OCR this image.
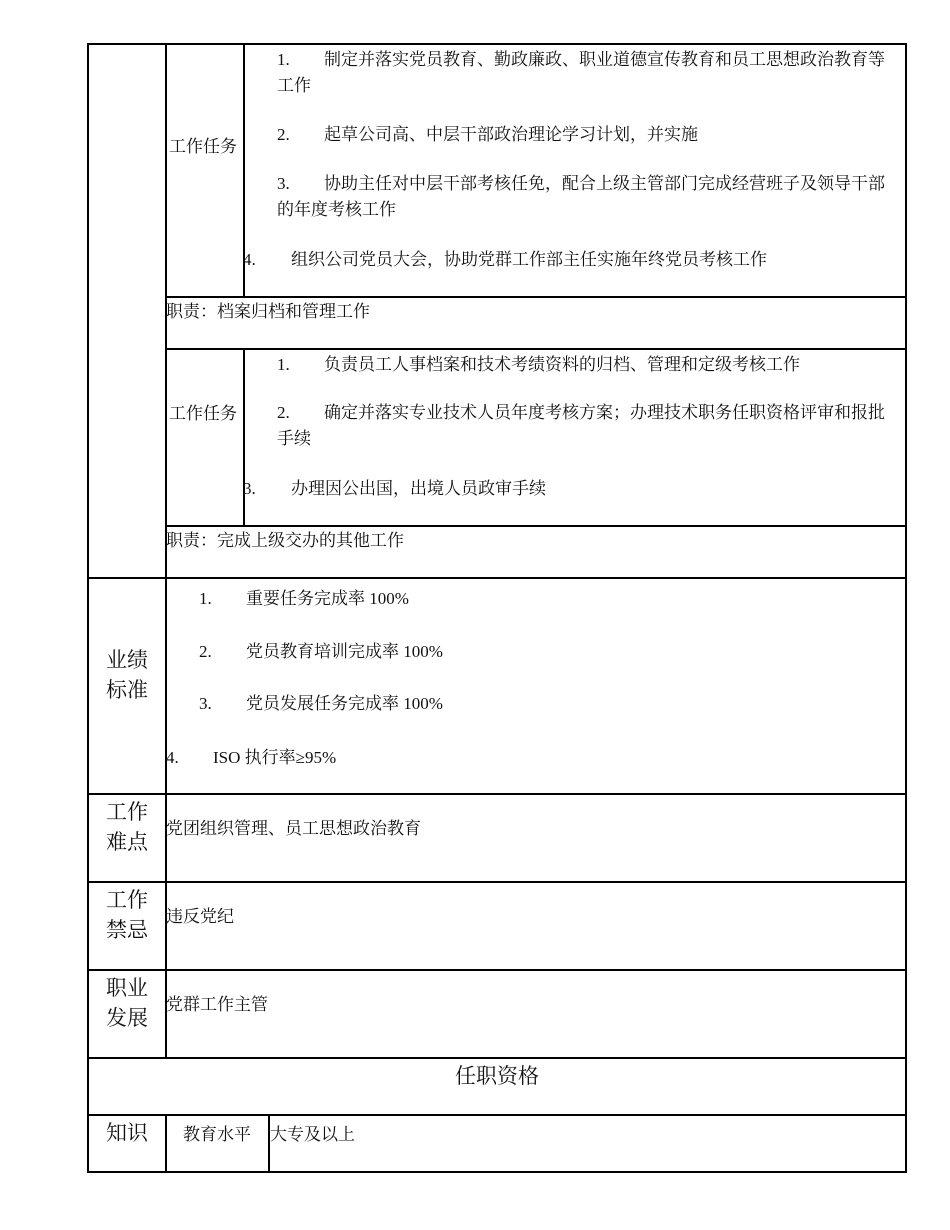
工作任务
1.	制定并落实党员教育、勤政廉政、职业道德宣传教育和员工思想政治教育等工作
2. 起草公司高、中层干部政治理论学习计划，并实施
3.	协助主任对中层干部考核任免，配合上级主管部门完成经营班子及领导干部的年度考核工作
4. 组织公司党员大会，协助党群工作部主任实施年终党员考核工作
职责：档案归档和管理工作
工作任务
1. 负责员工人事档案和技术考绩资料的归档、管理和定级考核工作
2.	确定并落实专业技术人员年度考核方案；办理技术职务任职资格评审和报批手续
3. 办理因公出国，出境人员政审手续
职责：完成上级交办的其他工作
业绩标准
1. 重要任务完成率 100%
2. 党员教育培训完成率 100%
3. 党员发展任务完成率 100%
4. ISO 执行率≥95%
工作难点
党团组织管理、员工思想政治教育
工作禁忌
违反党纪
职业发展
党群工作主管
任职资格
知识	教育水平	大专及以上
